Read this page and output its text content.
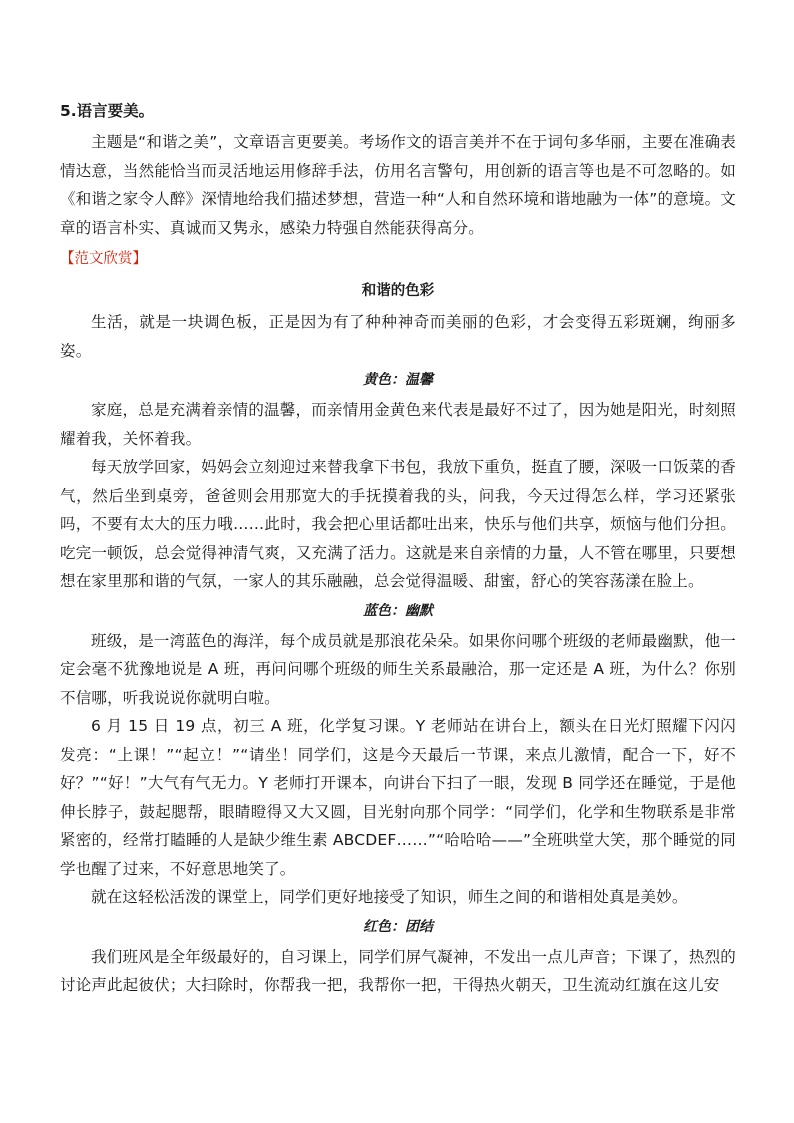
5.语言要美。

主题是“和谐之美”，文章语言更要美。考场作文的语言美并不在于词句多华丽，主要在准确表情达意，当然能恰当而灵活地运用修辞手法，仿用名言警句，用创新的语言等也是不可忽略的。如《和谐之家令人醉》深情地给我们描述梦想，营造一种“人和自然环境和谐地融为一体”的意境。文章的语言朴实、真诚而又隽永，感染力特强自然能获得高分。

【范文欣赏】

和谐的色彩

生活，就是一块调色板，正是因为有了种种神奇而美丽的色彩，才会变得五彩斑斓，绚丽多姿。

黄色：温馨

家庭，总是充满着亲情的温馨，而亲情用金黄色来代表是最好不过了，因为她是阳光，时刻照耀着我，关怀着我。

每天放学回家，妈妈会立刻迎过来替我拿下书包，我放下重负，挺直了腰，深吸一口饭菜的香气，然后坐到桌旁，爸爸则会用那宽大的手抚摸着我的头，问我，今天过得怎么样，学习还紧张吗，不要有太大的压力哦……此时，我会把心里话都吐出来，快乐与他们共享，烦恼与他们分担。吃完一顿饭，总会觉得神清气爽，又充满了活力。这就是来自亲情的力量，人不管在哪里，只要想想在家里那和谐的气氛，一家人的其乐融融，总会觉得温暖、甜蜜，舒心的笑容荡漾在脸上。

蓝色：幽默

班级，是一湾蓝色的海洋，每个成员就是那浪花朵朵。如果你问哪个班级的老师最幽默，他一定会毫不犹豫地说是 A 班，再问问哪个班级的师生关系最融洽，那一定还是 A 班，为什么？你别不信哪，听我说说你就明白啦。

6 月 15 日 19 点，初三 A 班，化学复习课。Y 老师站在讲台上，额头在日光灯照耀下闪闪发亮：“上课！”“起立！”“请坐！同学们，这是今天最后一节课，来点儿激情，配合一下，好不好？”“好！”大气有气无力。Y 老师打开课本，向讲台下扫了一眼，发现 B 同学还在睡觉，于是他伸长脖子，鼓起腮帮，眼睛瞪得又大又圆，目光射向那个同学：“同学们，化学和生物联系是非常紧密的，经常打瞌睡的人是缺少维生素 ABCDEF……”“哈哈哈——”全班哄堂大笑，那个睡觉的同学也醒了过来，不好意思地笑了。

就在这轻松活泼的课堂上，同学们更好地接受了知识，师生之间的和谐相处真是美妙。

红色：团结

我们班风是全年级最好的，自习课上，同学们屏气凝神，不发出一点儿声音；下课了，热烈的讨论声此起彼伏；大扫除时，你帮我一把，我帮你一把，干得热火朝天，卫生流动红旗在这儿安
